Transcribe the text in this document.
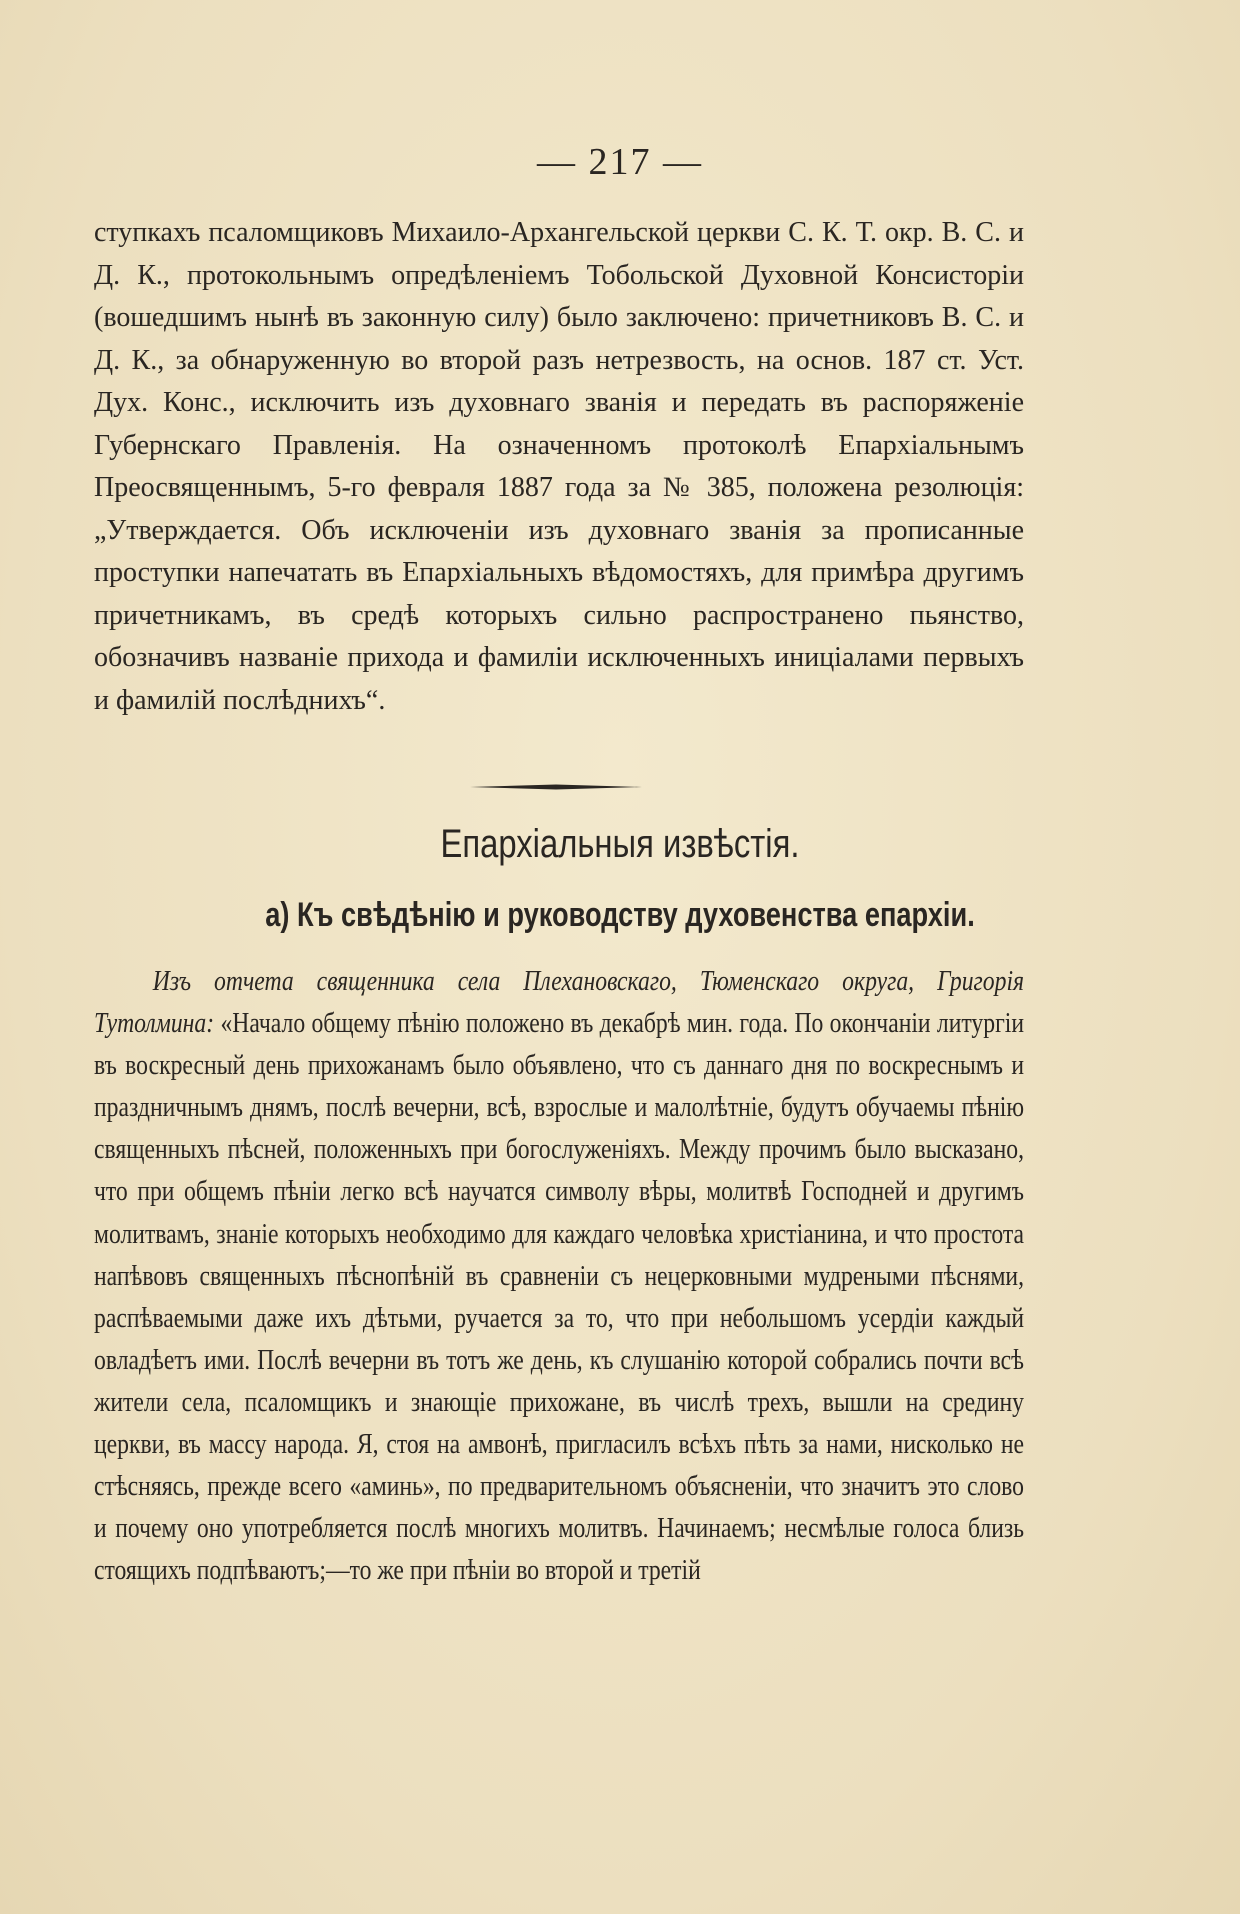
— 217 —

ступкахъ псаломщиковъ Михаило-Архангельской церкви С. К. Т. окр. В. С. и Д. К., протокольнымъ опредѣленіемъ Тобольской Духовной Консисторіи (вошедшимъ нынѣ въ законную силу) было заключено: причетниковъ В. С. и Д. К., за обнаруженную во второй разъ нетрезвость, на основ. 187 ст. Уст. Дух. Конс., исключить изъ духовнаго званія и передать въ распоряженіе Губернскаго Правленія. На означенномъ протоколѣ Епархіальнымъ Преосвященнымъ, 5-го февраля 1887 года за № 385, положена резолюція: „Утверждается. Объ исключеніи изъ духовнаго званія за прописанные проступки напечатать въ Епархіальныхъ вѣдомостяхъ, для примѣра другимъ причетникамъ, въ средѣ которыхъ сильно распространено пьянство, обозначивъ названіе прихода и фамиліи исключенныхъ иниціалами первыхъ и фамилій послѣднихъ“.

Епархіальныя извѣстія.
а) Къ свѣдѣнію и руководству духовенства епархіи.

Изъ отчета священника села Плехановскаго, Тюменскаго округа, Григорія Тутолмина: «Начало общему пѣнію положено въ декабрѣ мин. года. По окончаніи литургіи въ воскресный день прихожанамъ было объявлено, что съ даннаго дня по воскреснымъ и праздничнымъ днямъ, послѣ вечерни, всѣ, взрослые и малолѣтніе, будутъ обучаемы пѣнію священныхъ пѣсней, положенныхъ при богослуженіяхъ. Между прочимъ было высказано, что при общемъ пѣніи легко всѣ научатся символу вѣры, молитвѣ Господней и другимъ молитвамъ, знаніе которыхъ необходимо для каждаго человѣка христіанина, и что простота напѣвовъ священныхъ пѣснопѣній въ сравненіи съ нецерковными мудреными пѣснями, распѣваемыми даже ихъ дѣтьми, ручается за то, что при небольшомъ усердіи каждый овладѣетъ ими. Послѣ вечерни въ тотъ же день, къ слушанію которой собрались почти всѣ жители села, псаломщикъ и знающіе прихожане, въ числѣ трехъ, вышли на средину церкви, въ массу народа. Я, стоя на амвонѣ, пригласилъ всѣхъ пѣть за нами, нисколько не стѣсняясь, прежде всего «аминь», по предварительномъ объясненіи, что значитъ это слово и почему оно употребляется послѣ многихъ молитвъ. Начинаемъ; несмѣлые голоса близь стоящихъ подпѣваютъ;—то же при пѣніи во второй и третій
